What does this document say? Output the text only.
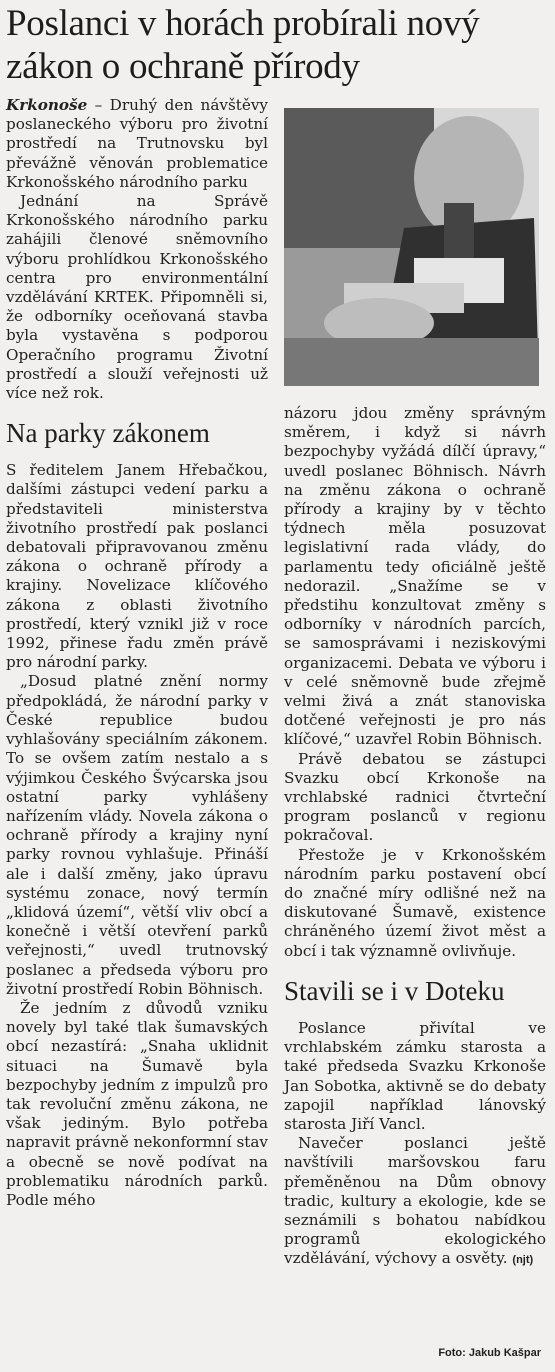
Poslanci v horách probírali nový zákon o ochraně přírody

Krkonoše – Druhý den návštěvy poslaneckého výboru pro životní prostředí na Trutnovsku byl převážně věnován problematice Krkonošského národního parku

Jednání na Správě Krkonošského národního parku zahájili členové sněmovního výboru prohlídkou Krkonošského centra pro environmentální vzdělávání KRTEK. Připomněli si, že odborníky oceňovaná stavba byla vystavěna s podporou Operačního programu Životní prostředí a slouží veřejnosti už více než rok.

Na parky zákonem

S ředitelem Janem Hřebačkou, dalšími zástupci vedení parku a představiteli ministerstva životního prostředí pak poslanci debatovali připravovanou změnu zákona o ochraně přírody a krajiny. Novelizace klíčového zákona z oblasti životního prostředí, který vznikl již v roce 1992, přinese řadu změn právě pro národní parky.

„Dosud platné znění normy předpokládá, že národní parky v České republice budou vyhlašovány speciálním zákonem. To se ovšem zatím nestalo a s výjimkou Českého Švýcarska jsou ostatní parky vyhlášeny nařízením vlády. Novela zákona o ochraně přírody a krajiny nyní parky rovnou vyhlašuje. Přináší ale i další změny, jako úpravu systému zonace, nový termín „klidová území“, větší vliv obcí a konečně i větší otevření parků veřejnosti,“ uvedl trutnovský poslanec a předseda výboru pro životní prostředí Robin Böhnisch.

Že jedním z důvodů vzniku novely byl také tlak šumavských obcí nezastírá: „Snaha uklidnit situaci na Šumavě byla bezpochyby jedním z impulzů pro tak revoluční změnu zákona, ne však jediným. Bylo potřeba napravit právně nekonformní stav a obecně se nově podívat na problematiku národních parků. Podle mého

názoru jdou změny správným směrem, i když si návrh bezpochyby vyžádá dílčí úpravy,“ uvedl poslanec Böhnisch. Návrh na změnu zákona o ochraně přírody a krajiny by v těchto týdnech měla posuzovat legislativní rada vlády, do parlamentu tedy oficiálně ještě nedorazil. „Snažíme se v předstihu konzultovat změny s odborníky v národních parcích, se samosprávami i neziskovými organizacemi. Debata ve výboru i v celé sněmovně bude zřejmě velmi živá a znát stanoviska dotčené veřejnosti je pro nás klíčové,“ uzavřel Robin Böhnisch.

Právě debatou se zástupci Svazku obcí Krkonoše na vrchlabské radnici čtvrteční program poslanců v regionu pokračoval.

Přestože je v Krkonošském národním parku postavení obcí do značné míry odlišné než na diskutované Šumavě, existence chráněného území život měst a obcí i tak významně ovlivňuje.

Stavili se i v Doteku

Poslance přivítal ve vrchlabském zámku starosta a také předseda Svazku Krkonoše Jan Sobotka, aktivně se do debaty zapojil například lánovský starosta Jiří Vancl.

Navečer poslanci ještě navštívili maršovskou faru přeměněnou na Dům obnovy tradic, kultury a ekologie, kde se seznámili s bohatou nabídkou programů ekologického vzdělávání, výchovy a osvěty. (njt)

Foto: Jakub Kašpar
